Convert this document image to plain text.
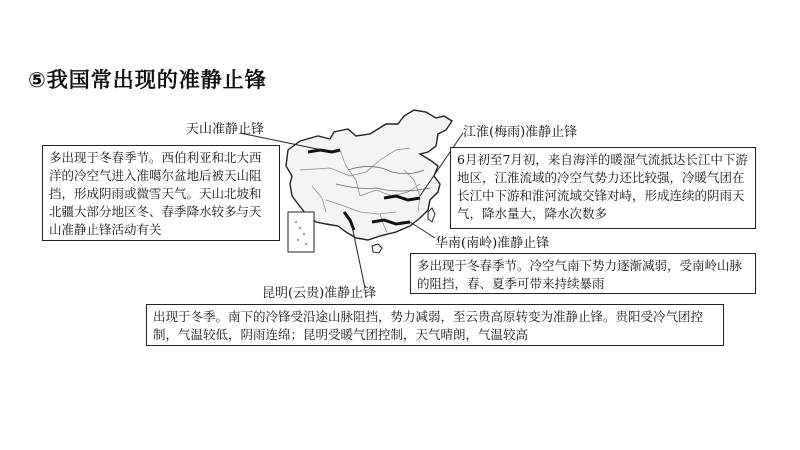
⑤我国常出现的准静止锋
天山准静止锋
多出现于冬春季节。西伯利亚和北大西洋的冷空气进入准噶尔盆地后被天山阻挡，形成阴雨或微雪天气。天山北坡和北疆大部分地区冬、春季降水较多与天山准静止锋活动有关
江淮(梅雨)准静止锋
6月初至7月初，来自海洋的暖湿气流抵达长江中下游地区，江淮流域的冷空气势力还比较强，冷暖气团在长江中下游和淮河流域交锋对峙，形成连续的阴雨天气，降水量大，降水次数多
华南(南岭)准静止锋
多出现于冬春季节。冷空气南下势力逐渐减弱，受南岭山脉的阻挡，春、夏季可带来持续暴雨
昆明(云贵)准静止锋
出现于冬季。南下的冷锋受沿途山脉阻挡，势力减弱，至云贵高原转变为准静止锋。贵阳受冷气团控制，气温较低，阴雨连绵；昆明受暖气团控制，天气晴朗，气温较高
